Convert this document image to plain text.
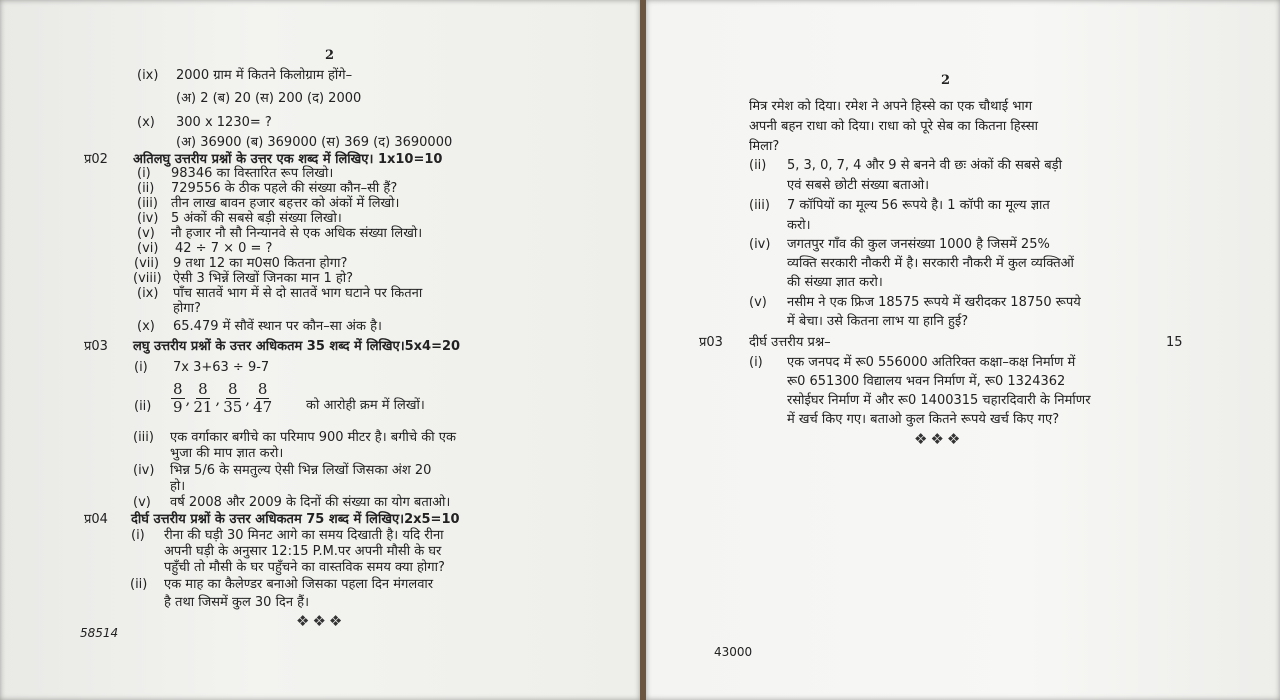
2
(ix) 2000 ग्राम में कितने किलोग्राम होंगे–
(अ) 2 (ब) 20 (स) 200 (द) 2000
(x) 300 x 1230= ?
(अ) 36900 (ब) 369000 (स) 369 (द) 3690000
प्र02 अतिलघु उत्तरीय प्रश्नों के उत्तर एक शब्द में लिखिए। 1x10=10
(i) 98346 का विस्तारित रूप लिखो।
(ii) 729556 के ठीक पहले की संख्या कौन–सी हैं?
(iii) तीन लाख बावन हजार बहत्तर को अंकों में लिखो।
(iv) 5 अंकों की सबसे बड़ी संख्या लिखो।
(v) नौ हजार नौ सौ निन्यानवे से एक अधिक संख्या लिखो।
(vi) 42 ÷ 7 × 0 = ?
(vii) 9 तथा 12 का म0स0 कितना होगा?
(viii) ऐसी 3 भिन्नें लिखों जिनका मान 1 हो?
(ix) पाँच सातवें भाग में से दो सातवें भाग घटाने पर कितना
होगा?
(x) 65.479 में सौवें स्थान पर कौन–सा अंक है।
प्र03 लघु उत्तरीय प्रश्नों के उत्तर अधिकतम 35 शब्द में लिखिए।5x4=20
(i) 7x 3+63 ÷ 9-7
(ii)	को आरोही क्रम में लिखों।
(iii) एक वर्गाकार बगीचे का परिमाप 900 मीटर है। बगीचे की एक
भुजा की माप ज्ञात करो।
(iv) भिन्न 5/6 के समतुल्य ऐसी भिन्न लिखों जिसका अंश 20
हो।
(v) वर्ष 2008 और 2009 के दिनों की संख्या का योग बताओ।
प्र04 दीर्घ उत्तरीय प्रश्नों के उत्तर अधिकतम 75 शब्द में लिखिए।2x5=10
(i) रीना की घड़ी 30 मिनट आगे का समय दिखाती है। यदि रीना
अपनी घड़ी के अनुसार 12:15 P.M.पर अपनी मौसी के घर
पहुँची तो मौसी के घर पहुँचने का वास्तविक समय क्या होगा?
(ii) एक माह का कैलेण्डर बनाओ जिसका पहला दिन मंगलवार
है तथा जिसमें कुल 30 दिन हैं।
$\frac{8}{9}$ , $\frac{8}{21}$ , $\frac{8}{35}$ , $\frac{8}{47}$
❖❖❖
58514
2
मित्र रमेश को दिया। रमेश ने अपने हिस्से का एक चौथाई भाग
अपनी बहन राधा को दिया। राधा को पूरे सेब का कितना हिस्सा
मिला?
(ii) 5, 3, 0, 7, 4 और 9 से बनने वी छः अंकों की सबसे बड़ी
एवं सबसे छोटी संख्या बताओ।
(iii) 7 कॉपियों का मूल्य 56 रूपये है। 1 कॉपी का मूल्य ज्ञात
करो।
(iv) जगतपुर गाँव की कुल जनसंख्या 1000 है जिसमें 25%
व्यक्ति सरकारी नौकरी में है। सरकारी नौकरी में कुल व्यक्तिओं
की संख्या ज्ञात करो।
(v) नसीम ने एक फ्रिज 18575 रूपये में खरीदकर 18750 रूपये
में बेचा। उसे कितना लाभ या हानि हुई?
प्र03 दीर्घ उत्तरीय प्रश्न–	15
(i) एक जनपद में रू0 556000 अतिरिक्त कक्षा–कक्ष निर्माण में
रू0 651300 विद्यालय भवन निर्माण में, रू0 1324362
रसोईघर निर्माण में और रू0 1400315 चहारदिवारी के निर्माणर
में खर्च किए गए। बताओ कुल कितने रूपये खर्च किए गए?
❖❖❖
43000
